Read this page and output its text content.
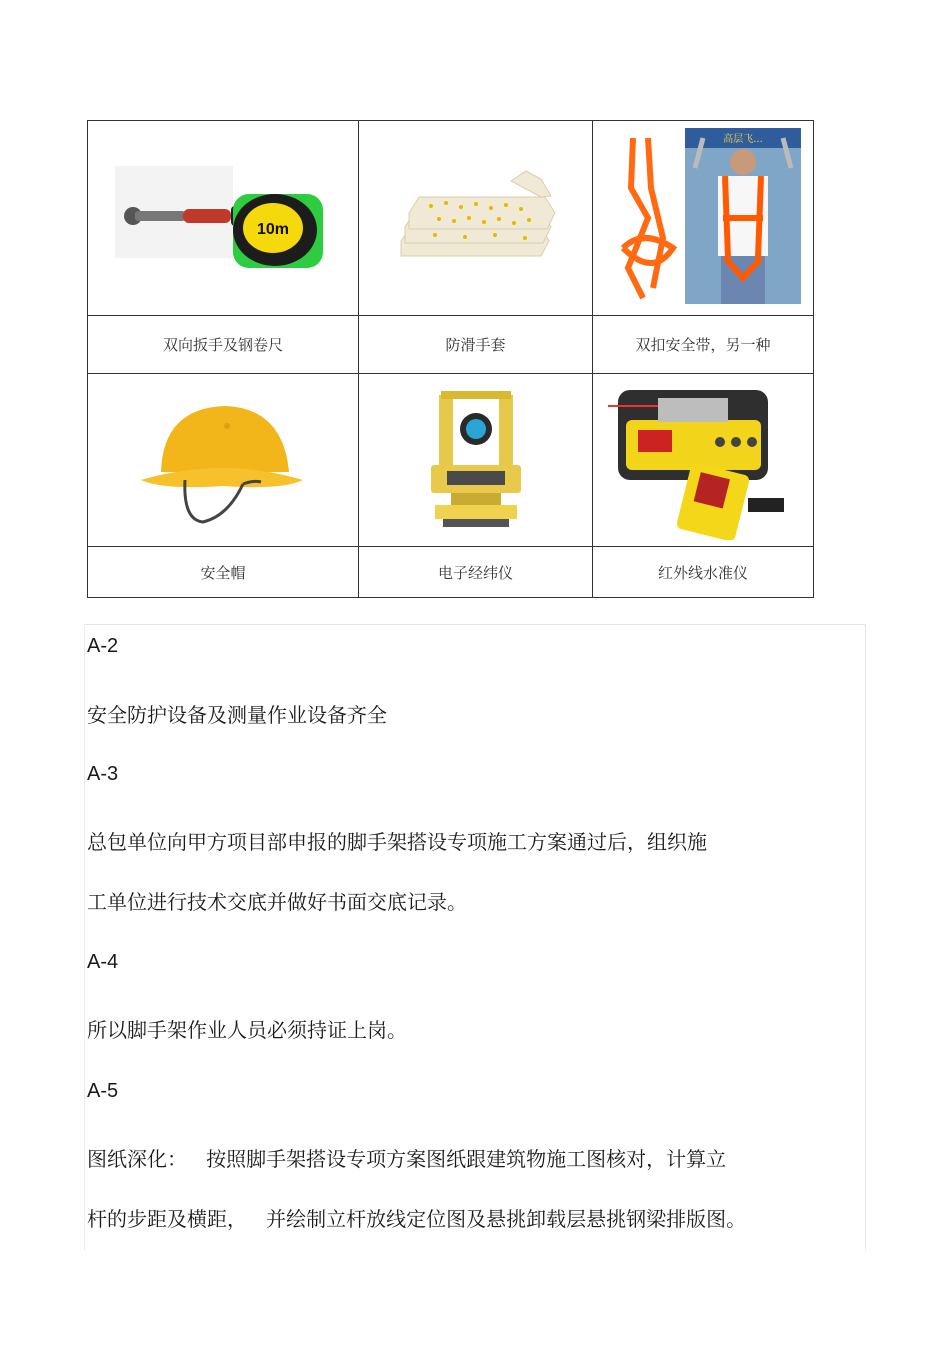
10m		高层飞...

双向扳手及钢卷尺	防滑手套	双扣安全带，另一种

安全帽	电子经纬仪	红外线水准仪
A-2
安全防护设备及测量作业设备齐全
A-3
总包单位向甲方项目部申报的脚手架搭设专项施工方案通过后，组织施
工单位进行技术交底并做好书面交底记录。
A-4
所以脚手架作业人员必须持证上岗。
A-5
图纸深化：   按照脚手架搭设专项方案图纸跟建筑物施工图核对，计算立
杆的步距及横距，   并绘制立杆放线定位图及悬挑卸载层悬挑钢梁排版图。
